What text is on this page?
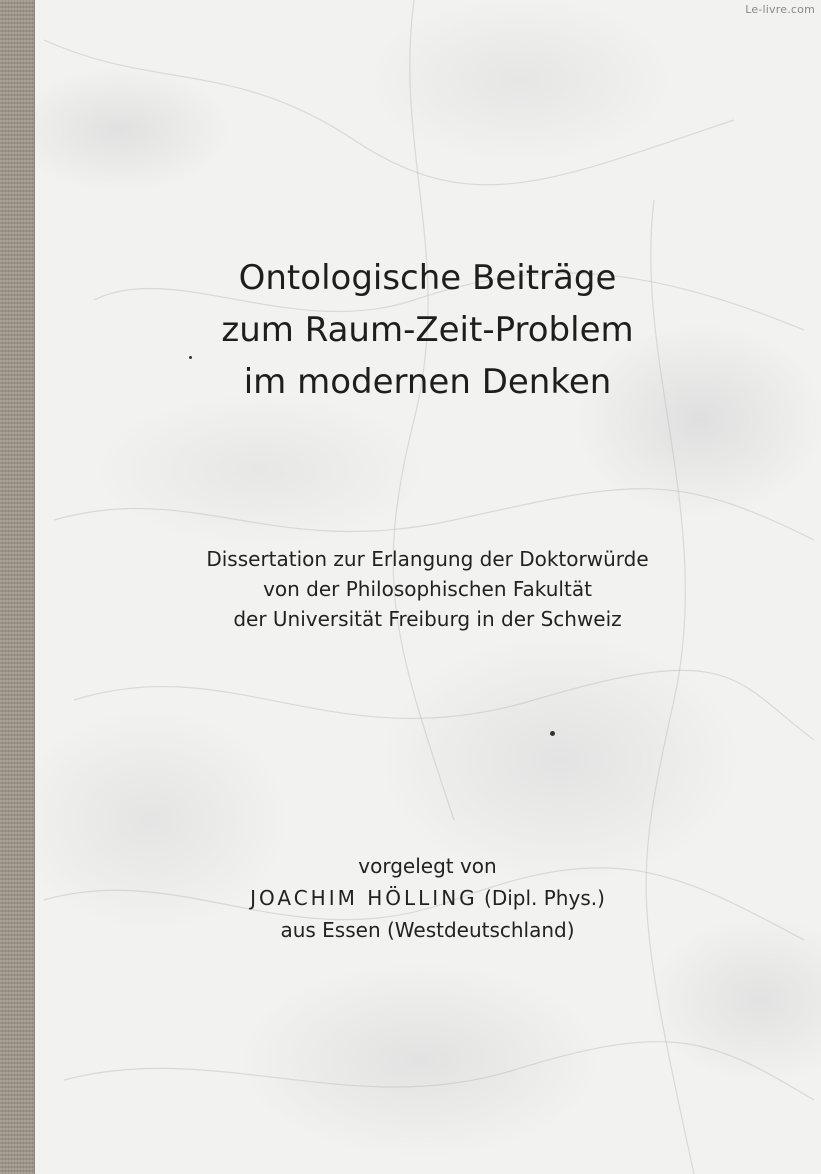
Le-livre.com
Ontologische Beiträge
zum Raum-Zeit-Problem
im modernen Denken
Dissertation zur Erlangung der Doktorwürde
von der Philosophischen Fakultät
der Universität Freiburg in der Schweiz
vorgelegt von
JOACHIM HÖLLING (Dipl. Phys.)
aus Essen (Westdeutschland)
